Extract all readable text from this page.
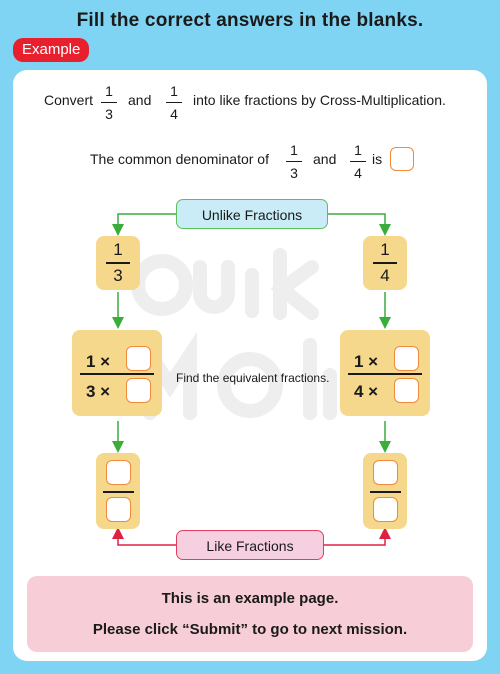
Fill the correct answers in the blanks.
Example
Convert
1
3
and
1
4
into like fractions by Cross-Multiplication.
The common denominator of
1
3
and
1
4
is
Unlike Fractions
Like Fractions
1
3
1
4
1 ×
3 ×
1 ×
4 ×
Find the equivalent fractions.
This is an example page.
Please click “Submit” to go to next mission.
